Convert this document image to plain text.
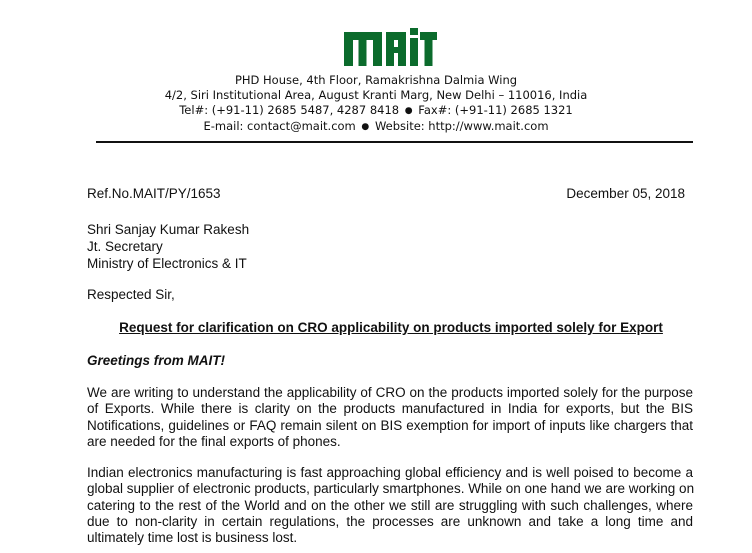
PHD House, 4th Floor, Ramakrishna Dalmia Wing
4/2, Siri Institutional Area, August Kranti Marg, New Delhi – 110016, India
Tel#: (+91-11) 2685 5487, 4287 8418 ● Fax#: (+91-11) 2685 1321
E-mail: contact@mait.com ● Website: http://www.mait.com
Ref.No.MAIT/PY/1653	December 05, 2018
Shri Sanjay Kumar Rakesh
Jt. Secretary
Ministry of Electronics & IT
Respected Sir,
Request for clarification on CRO applicability on products imported solely for Export
Greetings from MAIT!
We are writing to understand the applicability of CRO on the products imported solely for the purpose
of Exports. While there is clarity on the products manufactured in India for exports, but the BIS
Notifications, guidelines or FAQ remain silent on BIS exemption for import of inputs like chargers that
are needed for the final exports of phones.
Indian electronics manufacturing is fast approaching global efficiency and is well poised to become a
global supplier of electronic products, particularly smartphones. While on one hand we are working on
catering to the rest of the World and on the other we still are struggling with such challenges, where
due to non-clarity in certain regulations, the processes are unknown and take a long time and
ultimately time lost is business lost.
